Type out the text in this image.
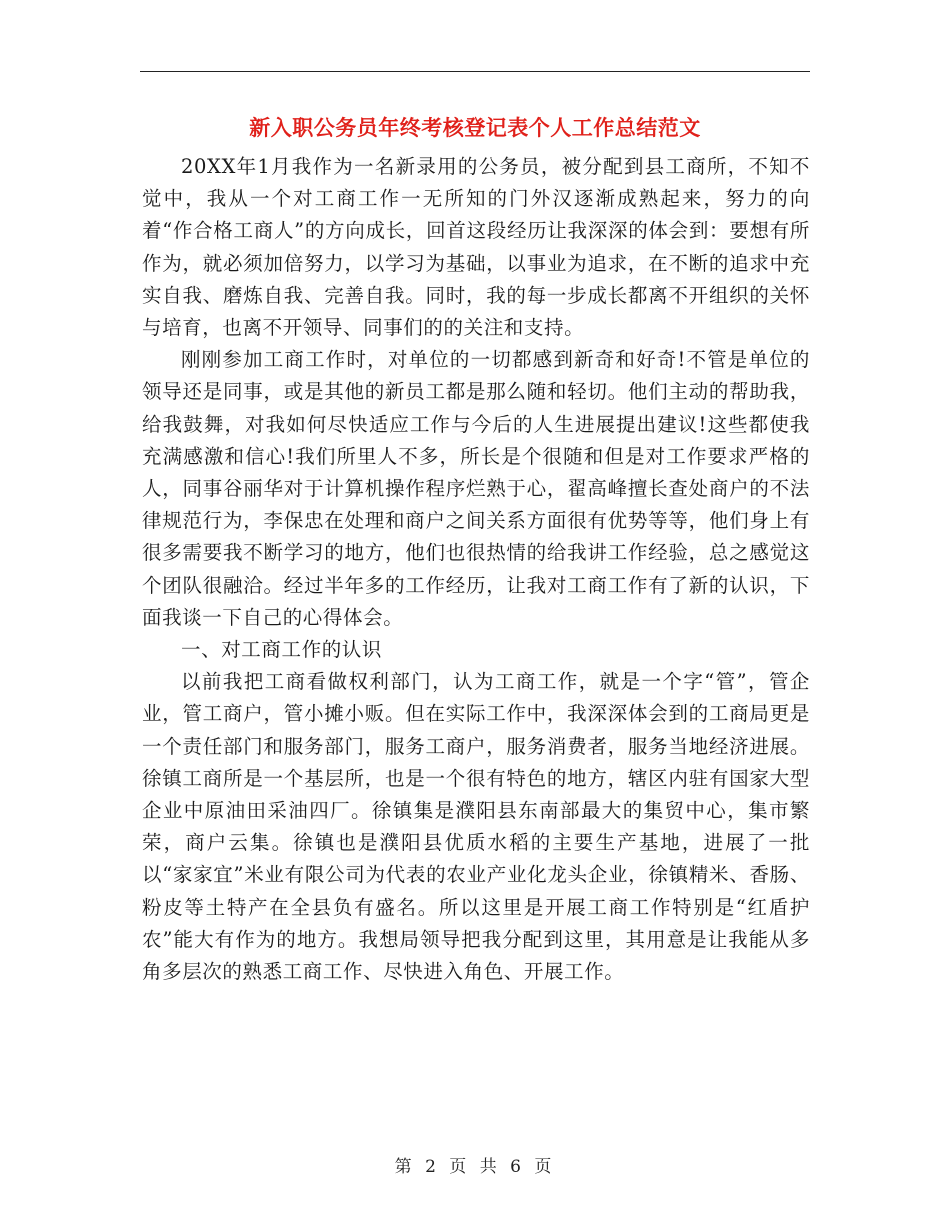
新入职公务员年终考核登记表个人工作总结范文

20XX年1月我作为一名新录用的公务员，被分配到县工商所，不知不觉中，我从一个对工商工作一无所知的门外汉逐渐成熟起来，努力的向着“作合格工商人”的方向成长，回首这段经历让我深深的体会到：要想有所作为，就必须加倍努力，以学习为基础，以事业为追求，在不断的追求中充实自我、磨炼自我、完善自我。同时，我的每一步成长都离不开组织的关怀与培育，也离不开领导、同事们的的关注和支持。

刚刚参加工商工作时，对单位的一切都感到新奇和好奇!不管是单位的领导还是同事，或是其他的新员工都是那么随和轻切。他们主动的帮助我，给我鼓舞，对我如何尽快适应工作与今后的人生进展提出建议!这些都使我充满感激和信心!我们所里人不多，所长是个很随和但是对工作要求严格的人，同事谷丽华对于计算机操作程序烂熟于心，翟高峰擅长查处商户的不法律规范行为，李保忠在处理和商户之间关系方面很有优势等等，他们身上有很多需要我不断学习的地方，他们也很热情的给我讲工作经验，总之感觉这个团队很融洽。经过半年多的工作经历，让我对工商工作有了新的认识，下面我谈一下自己的心得体会。

一、对工商工作的认识

以前我把工商看做权利部门，认为工商工作，就是一个字“管”，管企业，管工商户，管小摊小贩。但在实际工作中，我深深体会到的工商局更是一个责任部门和服务部门，服务工商户，服务消费者，服务当地经济进展。徐镇工商所是一个基层所，也是一个很有特色的地方，辖区内驻有国家大型企业中原油田采油四厂。徐镇集是濮阳县东南部最大的集贸中心，集市繁荣，商户云集。徐镇也是濮阳县优质水稻的主要生产基地，进展了一批以“家家宜”米业有限公司为代表的农业产业化龙头企业，徐镇精米、香肠、粉皮等土特产在全县负有盛名。所以这里是开展工商工作特别是“红盾护农”能大有作为的地方。我想局领导把我分配到这里，其用意是让我能从多角多层次的熟悉工商工作、尽快进入角色、开展工作。

第 2 页 共 6 页
